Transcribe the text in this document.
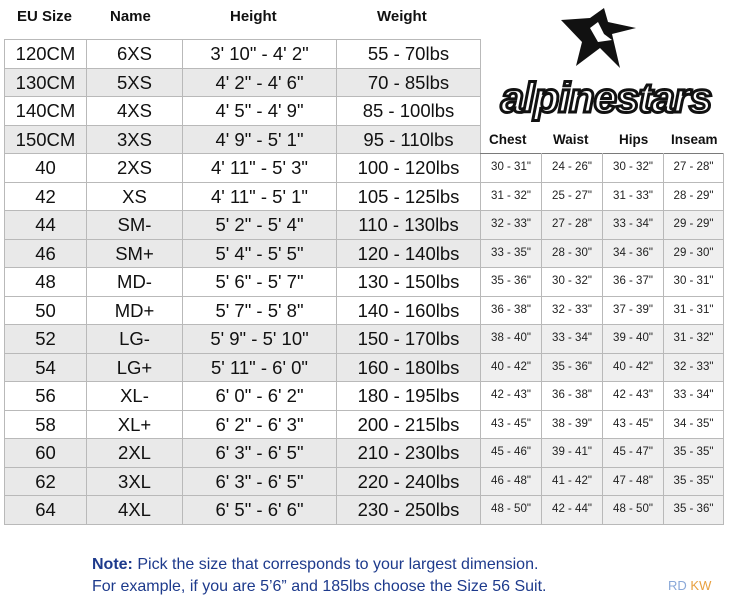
EU Size	Name	Height	Weight
alpinestars
Chest Waist Hips Inseam
120CM	6XS	3' 10" - 4' 2"	55 - 70lbs
130CM	5XS	4' 2" - 4' 6"	70 - 85lbs
140CM	4XS	4' 5" - 4' 9"	85 - 100lbs
150CM	3XS	4' 9" - 5' 1"	95 - 110lbs
40	2XS	4' 11" - 5' 3"	100 - 120lbs
42	XS	4' 11" - 5' 1"	105 - 125lbs
44	SM-	5' 2" - 5' 4"	110 - 130lbs
46	SM+	5' 4" - 5' 5"	120 - 140lbs
48	MD-	5' 6" - 5' 7"	130 - 150lbs
50	MD+	5' 7" - 5' 8"	140 - 160lbs
52	LG-	5' 9" - 5' 10"	150 - 170lbs
54	LG+	5' 11" - 6' 0"	160 - 180lbs
56	XL-	6' 0" - 6' 2"	180 - 195lbs
58	XL+	6' 2" - 6' 3"	200 - 215lbs
60	2XL	6' 3" - 6' 5"	210 - 230lbs
62	3XL	6' 3" - 6' 5"	220 - 240lbs
64	4XL	6' 5" - 6' 6"	230 - 250lbs
30 - 31"	24 - 26"	30 - 32"	27 - 28"
31 - 32"	25 - 27"	31 - 33"	28 - 29"
32 - 33"	27 - 28"	33 - 34"	29 - 29"
33 - 35"	28 - 30"	34 - 36"	29 - 30"
35 - 36"	30 - 32"	36 - 37"	30 - 31"
36 - 38"	32 - 33"	37 - 39"	31 - 31"
38 - 40"	33 - 34"	39 - 40"	31 - 32"
40 - 42"	35 - 36"	40 - 42"	32 - 33"
42 - 43"	36 - 38"	42 - 43"	33 - 34"
43 - 45"	38 - 39"	43 - 45"	34 - 35"
45 - 46"	39 - 41"	45 - 47"	35 - 35"
46 - 48"	41 - 42"	47 - 48"	35 - 35"
48 - 50"	42 - 44"	48 - 50"	35 - 36"
Note: Pick the size that corresponds to your largest dimension.
For example, if you are 5’6” and 185lbs choose the Size 56 Suit.	RD KW
